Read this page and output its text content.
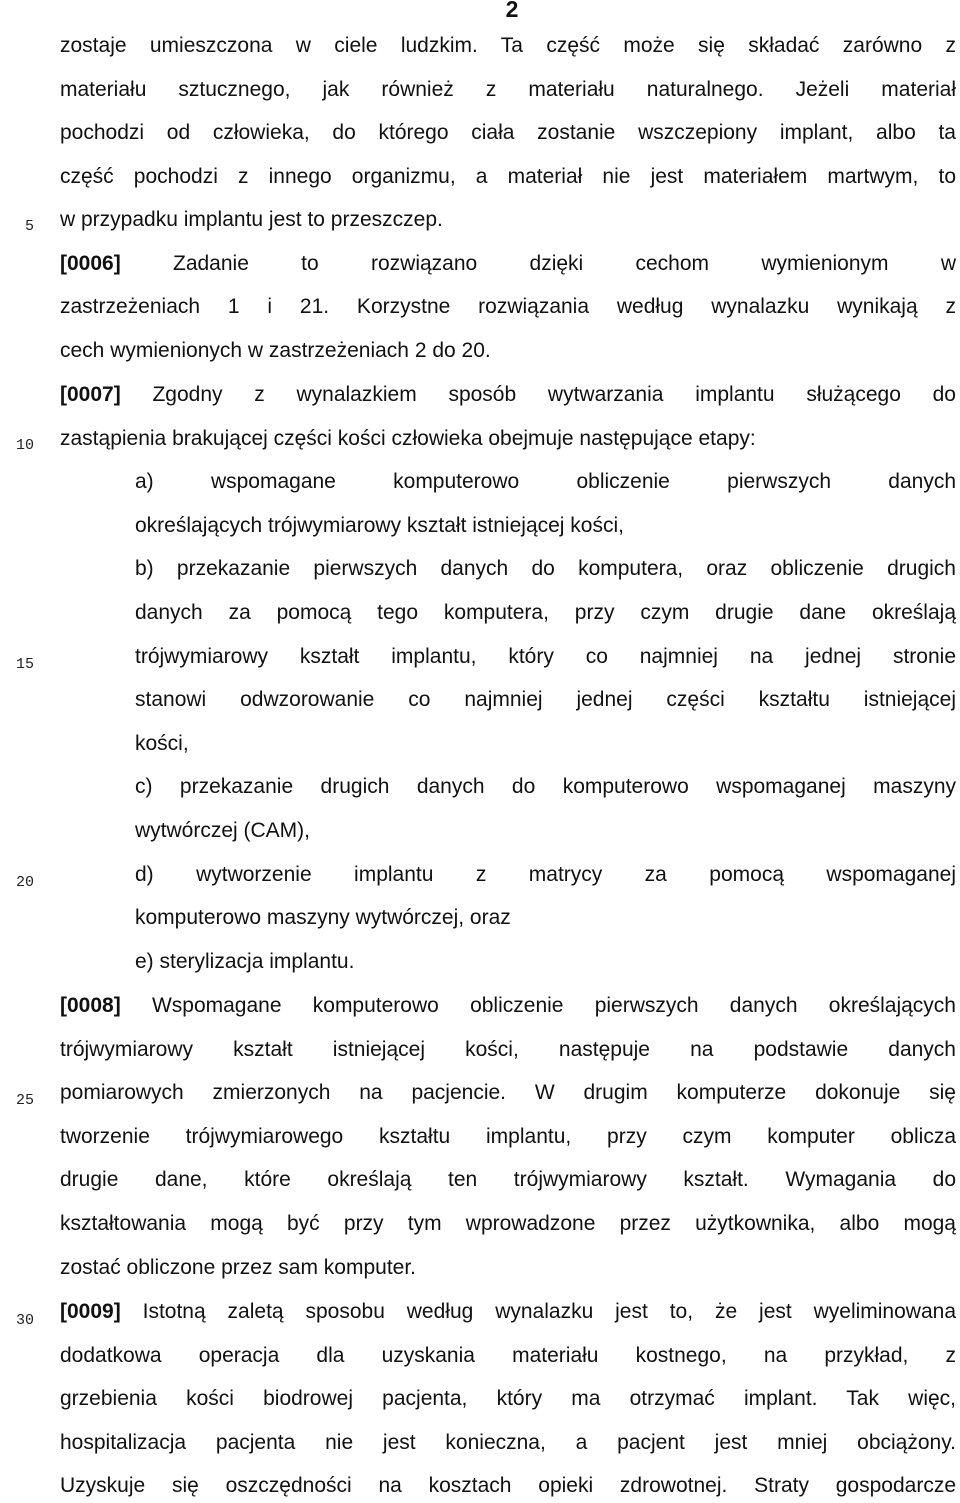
2
5
10
15
20
25
30
zostaje umieszczona w ciele ludzkim. Ta część może się składać zarówno z
materiału sztucznego, jak również z materiału naturalnego. Jeżeli materiał
pochodzi od człowieka, do którego ciała zostanie wszczepiony implant, albo ta
część pochodzi z innego organizmu, a materiał nie jest materiałem martwym, to
w przypadku implantu jest to przeszczep.
[0006] Zadanie to rozwiązano dzięki cechom wymienionym w
zastrzeżeniach 1 i 21. Korzystne rozwiązania według wynalazku wynikają z
cech wymienionych w zastrzeżeniach 2 do 20.
[0007] Zgodny z wynalazkiem sposób wytwarzania implantu służącego do
zastąpienia brakującej części kości człowieka obejmuje następujące etapy:
a) wspomagane komputerowo obliczenie pierwszych danych
określających trójwymiarowy kształt istniejącej kości,
b) przekazanie pierwszych danych do komputera, oraz obliczenie drugich
danych za pomocą tego komputera, przy czym drugie dane określają
trójwymiarowy kształt implantu, który co najmniej na jednej stronie
stanowi odwzorowanie co najmniej jednej części kształtu istniejącej
kości,
c) przekazanie drugich danych do komputerowo wspomaganej maszyny
wytwórczej (CAM),
d) wytworzenie implantu z matrycy za pomocą wspomaganej
komputerowo maszyny wytwórczej, oraz
e) sterylizacja implantu.
[0008] Wspomagane komputerowo obliczenie pierwszych danych określających
trójwymiarowy kształt istniejącej kości, następuje na podstawie danych
pomiarowych zmierzonych na pacjencie. W drugim komputerze dokonuje się
tworzenie trójwymiarowego kształtu implantu, przy czym komputer oblicza
drugie dane, które określają ten trójwymiarowy kształt. Wymagania do
kształtowania mogą być przy tym wprowadzone przez użytkownika, albo mogą
zostać obliczone przez sam komputer.
[0009] Istotną zaletą sposobu według wynalazku jest to, że jest wyeliminowana
dodatkowa operacja dla uzyskania materiału kostnego, na przykład, z
grzebienia kości biodrowej pacjenta, który ma otrzymać implant. Tak więc,
hospitalizacja pacjenta nie jest konieczna, a pacjent jest mniej obciążony.
Uzyskuje się oszczędności na kosztach opieki zdrowotnej. Straty gospodarcze
